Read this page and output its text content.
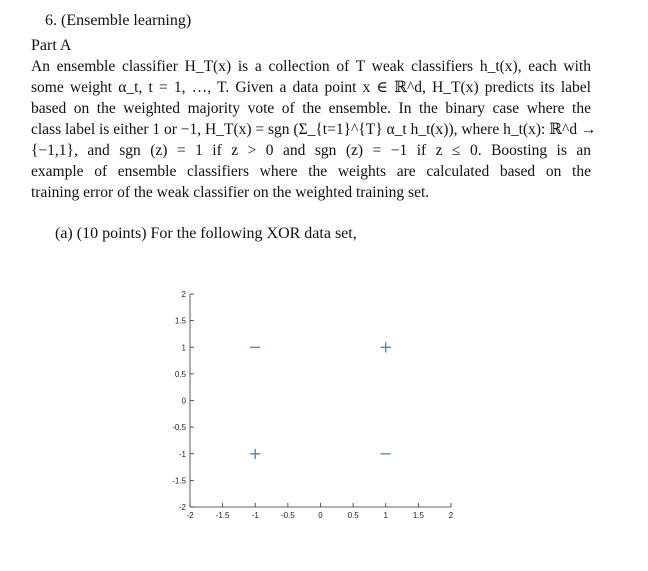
6. (Ensemble learning)
Part A
An ensemble classifier H_T(x) is a collection of T weak classifiers h_t(x), each with
some weight α_t, t = 1, …, T. Given a data point x ∈ ℝ^d, H_T(x) predicts its label
based on the weighted majority vote of the ensemble. In the binary case where the
class label is either 1 or −1, H_T(x) = sgn (Σ_{t=1}^{T} α_t h_t(x)), where h_t(x): ℝ^d →
{−1,1}, and sgn (z) = 1 if z > 0 and sgn (z) = −1 if z ≤ 0. Boosting is an
example of ensemble classifiers where the weights are calculated based on the
training error of the weak classifier on the weighted training set.
(a) (10 points) For the following XOR data set,
-2
-1.5
-1
-0.5
0
0.5
1
1.5
2
-2	-1.5	-1	-0.5	0	0.5	1	1.5	2
−	+
+	−
